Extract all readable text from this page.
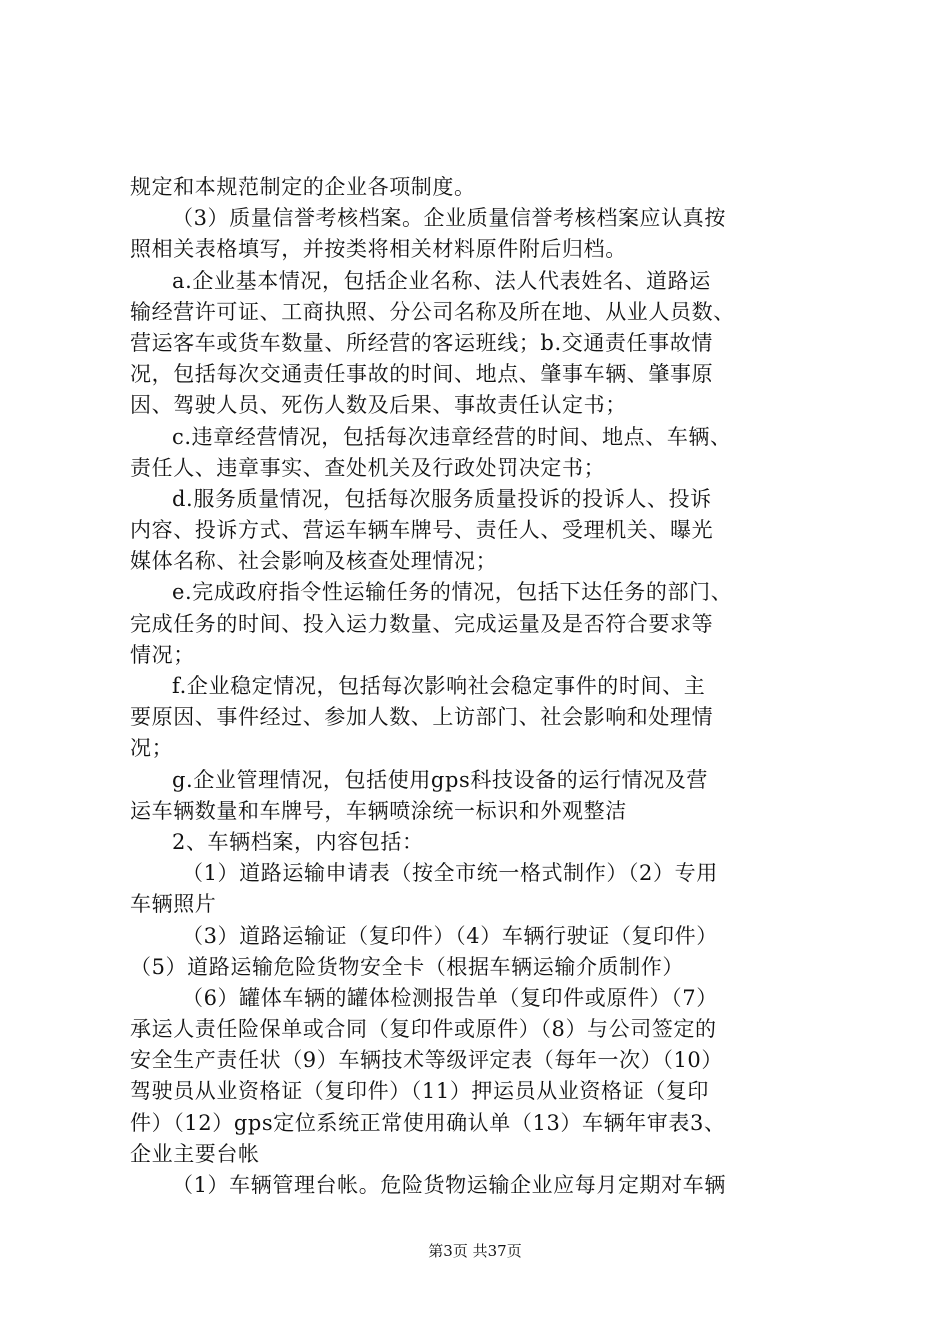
规定和本规范制定的企业各项制度。
（3）质量信誉考核档案。企业质量信誉考核档案应认真按
照相关表格填写，并按类将相关材料原件附后归档。
a.企业基本情况，包括企业名称、法人代表姓名、道路运
输经营许可证、工商执照、分公司名称及所在地、从业人员数、
营运客车或货车数量、所经营的客运班线；b.交通责任事故情
况，包括每次交通责任事故的时间、地点、肇事车辆、肇事原
因、驾驶人员、死伤人数及后果、事故责任认定书；
c.违章经营情况，包括每次违章经营的时间、地点、车辆、
责任人、违章事实、查处机关及行政处罚决定书；
d.服务质量情况，包括每次服务质量投诉的投诉人、投诉
内容、投诉方式、营运车辆车牌号、责任人、受理机关、曝光
媒体名称、社会影响及核查处理情况；
e.完成政府指令性运输任务的情况，包括下达任务的部门、
完成任务的时间、投入运力数量、完成运量及是否符合要求等
情况；
f.企业稳定情况，包括每次影响社会稳定事件的时间、主
要原因、事件经过、参加人数、上访部门、社会影响和处理情
况；
g.企业管理情况，包括使用gps科技设备的运行情况及营
运车辆数量和车牌号，车辆喷涂统一标识和外观整洁
2、车辆档案，内容包括：
（1）道路运输申请表（按全市统一格式制作）（2）专用
车辆照片
（3）道路运输证（复印件）（4）车辆行驶证（复印件）
（5）道路运输危险货物安全卡（根据车辆运输介质制作）
（6）罐体车辆的罐体检测报告单（复印件或原件）（7）
承运人责任险保单或合同（复印件或原件）（8）与公司签定的
安全生产责任状（9）车辆技术等级评定表（每年一次）（10）
驾驶员从业资格证（复印件）（11）押运员从业资格证（复印
件）（12）gps定位系统正常使用确认单（13）车辆年审表3、
企业主要台帐
（1）车辆管理台帐。危险货物运输企业应每月定期对车辆
第3页 共37页
